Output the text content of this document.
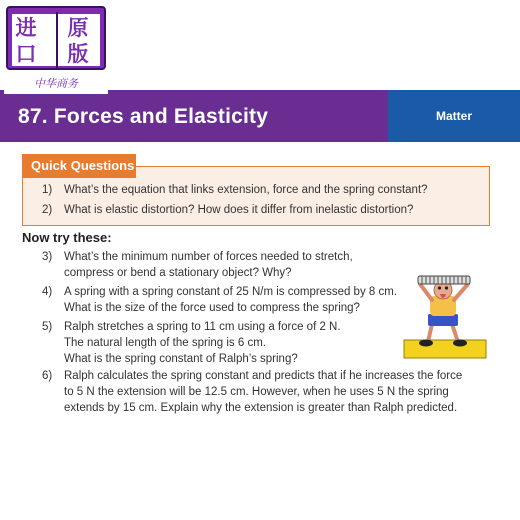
进 原
口 版
中华商务
87. Forces and Elasticity	Matter
Quick Questions
1) What’s the equation that links extension, force and the spring constant?
2) What is elastic distortion? How does it differ from inelastic distortion?
Now try these:
3) What’s the minimum number of forces needed to stretch,
compress or bend a stationary object? Why?
4) A spring with a spring constant of 25 N/m is compressed by 8 cm.
What is the size of the force used to compress the spring?
5) Ralph stretches a spring to 11 cm using a force of 2 N.
The natural length of the spring is 6 cm.
What is the spring constant of Ralph’s spring?
6) Ralph calculates the spring constant and predicts that if he increases the force
to 5 N the extension will be 12.5 cm. However, when he uses 5 N the spring
extends by 15 cm. Explain why the extension is greater than Ralph predicted.
